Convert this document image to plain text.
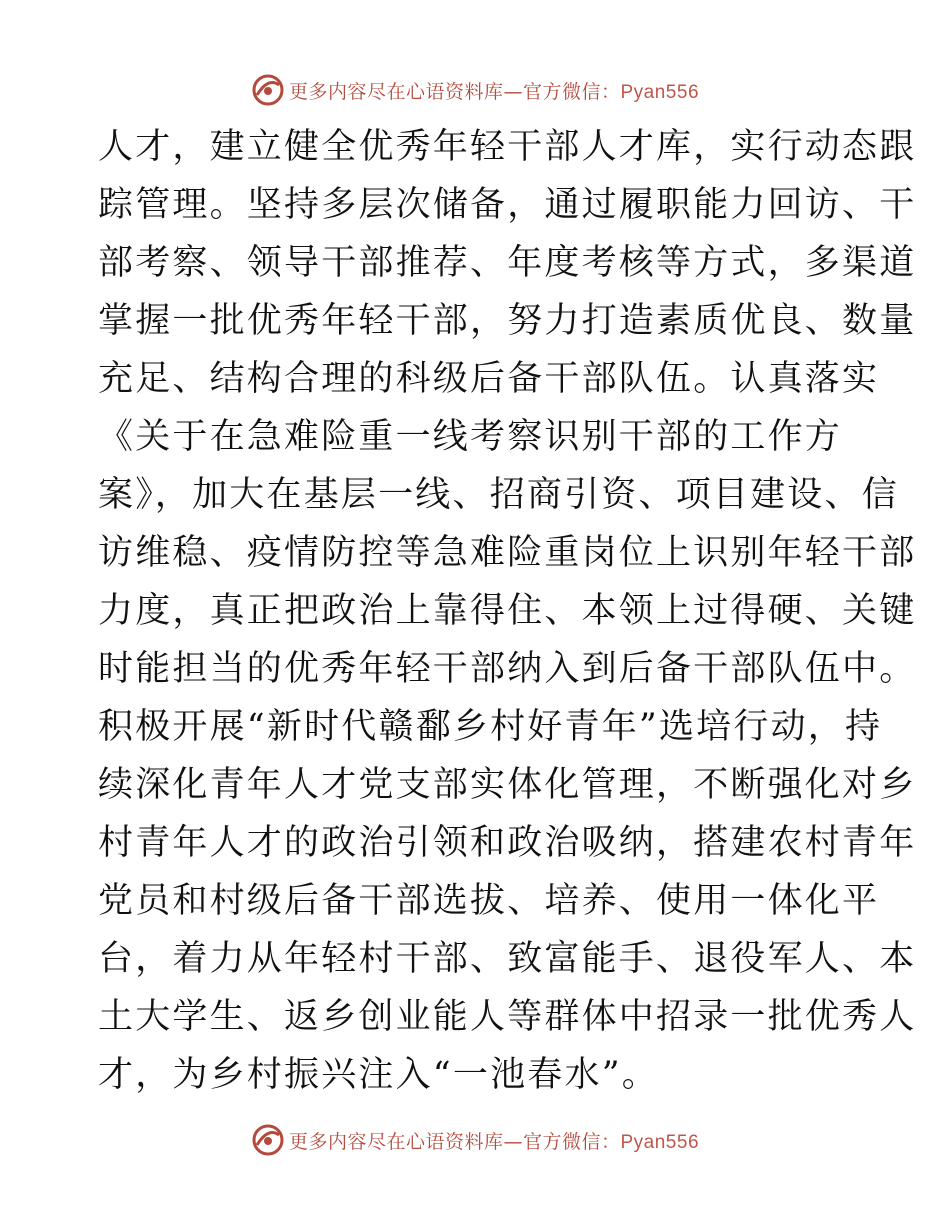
更多内容尽在心语资料库—官方微信：Pyan556
人才，建立健全优秀年轻干部人才库，实行动态跟
踪管理。坚持多层次储备，通过履职能力回访、干
部考察、领导干部推荐、年度考核等方式，多渠道
掌握一批优秀年轻干部，努力打造素质优良、数量
充足、结构合理的科级后备干部队伍。认真落实
《关于在急难险重一线考察识别干部的工作方
案》，加大在基层一线、招商引资、项目建设、信
访维稳、疫情防控等急难险重岗位上识别年轻干部
力度，真正把政治上靠得住、本领上过得硬、关键
时能担当的优秀年轻干部纳入到后备干部队伍中。
积极开展“新时代赣鄱乡村好青年”选培行动，持
续深化青年人才党支部实体化管理，不断强化对乡
村青年人才的政治引领和政治吸纳，搭建农村青年
党员和村级后备干部选拔、培养、使用一体化平
台，着力从年轻村干部、致富能手、退役军人、本
土大学生、返乡创业能人等群体中招录一批优秀人
才，为乡村振兴注入“一池春水”。
更多内容尽在心语资料库—官方微信：Pyan556
